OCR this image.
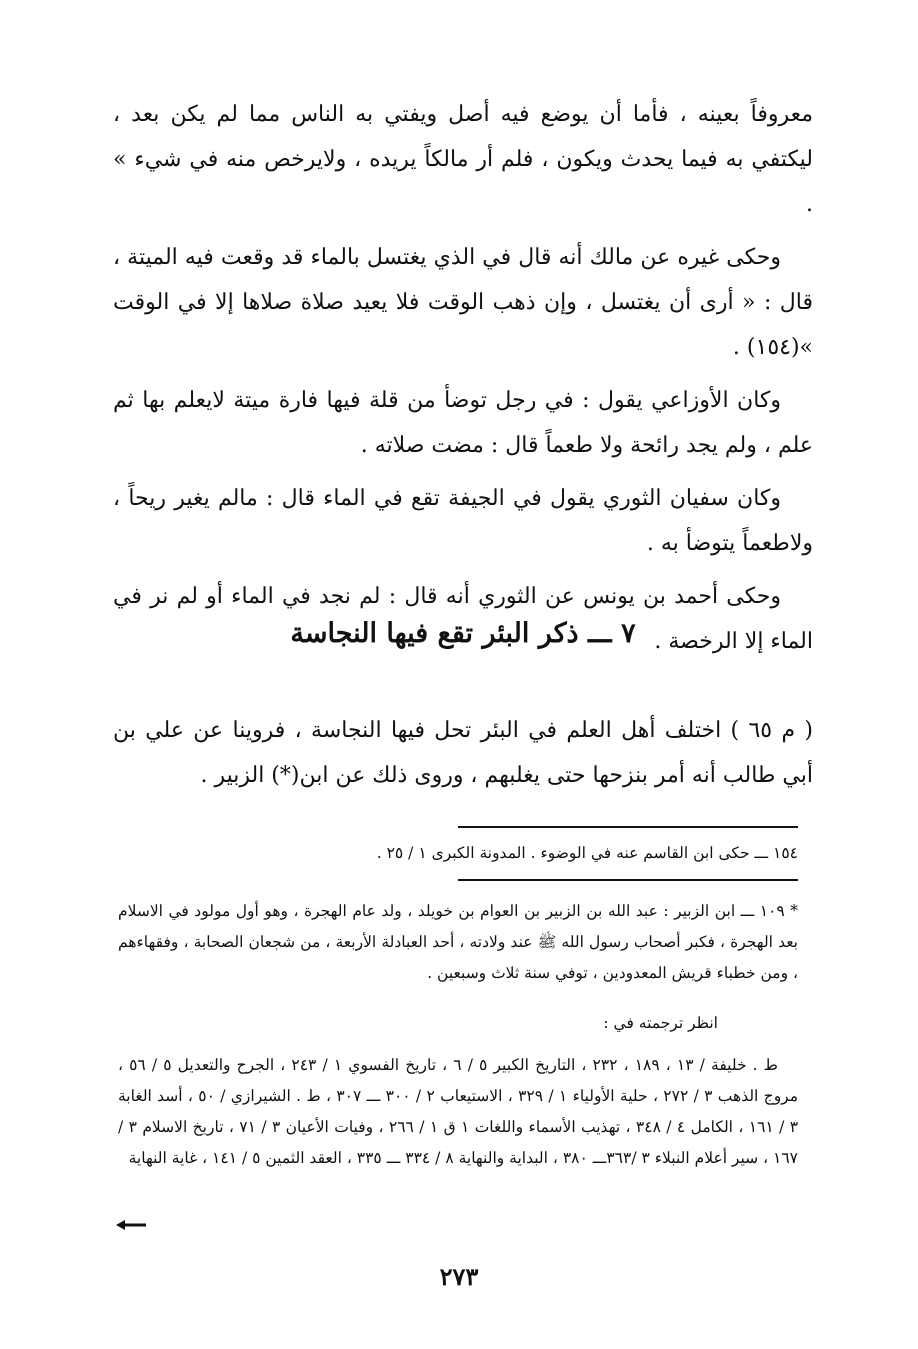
معروفاً بعينه ، فأما أن يوضع فيه أصل ويفتي به الناس مما لم يكن بعد ، ليكتفي به فيما يحدث ويكون ، فلم أر مالكاً يريده ، ولايرخص منه في شيء » .

وحكى غيره عن مالك أنه قال في الذي يغتسل بالماء قد وقعت فيه الميتة ، قال : « أرى أن يغتسل ، وإن ذهب الوقت فلا يعيد صلاة صلاها إلا في الوقت »(١٥٤) .

وكان الأوزاعي يقول : في رجل توضأ من قلة فيها فارة ميتة لايعلم بها ثم علم ، ولم يجد رائحة ولا طعماً قال : مضت صلاته .

وكان سفيان الثوري يقول في الجيفة تقع في الماء قال : مالم يغير ريحاً ، ولاطعماً يتوضأ به .

وحكى أحمد بن يونس عن الثوري أنه قال : لم نجد في الماء أو لم نر في الماء إلا الرخصة .

٧ ـــ ذكر البئر تقع فيها النجاسة

( م ٦٥ ) اختلف أهل العلم في البئر تحل فيها النجاسة ، فروينا عن علي بن أبي طالب أنه أمر بنزحها حتى يغلبهم ، وروى ذلك عن ابن(*) الزبير .

١٥٤ ـــ حكى ابن القاسم عنه في الوضوء . المدونة الكبرى ١ / ٢٥ .

* ١٠٩ ـــ ابن الزبير : عبد الله بن الزبير بن العوام بن خويلد ، ولد عام الهجرة ، وهو أول مولود في الاسلام بعد الهجرة ، فكبر أصحاب رسول الله ﷺ عند ولادته ، أحد العبادلة الأربعة ، من شجعان الصحابة ، وفقهاءهم ، ومن خطباء قريش المعدودين ، توفي سنة ثلاث وسبعين .

انظر ترجمته في :

ط . خليفة / ١٣ ، ١٨٩ ، ٢٣٢ ، التاريخ الكبير ٥ / ٦ ، تاريخ الفسوي ١ / ٢٤٣ ، الجرح والتعديل ٥ / ٥٦ ، مروج الذهب ٣ / ٢٧٢ ، حلية الأولياء ١ / ٣٢٩ ، الاستيعاب ٢ / ٣٠٠ ـــ ٣٠٧ ، ط . الشيرازي / ٥٠ ، أسد الغابة ٣ / ١٦١ ، الكامل ٤ / ٣٤٨ ، تهذيب الأسماء واللغات ١ ق ١ / ٢٦٦ ، وفيات الأعيان ٣ / ٧١ ، تاريخ الاسلام ٣ / ١٦٧ ، سير أعلام النبلاء ٣ /٣٦٣ـــ ٣٨٠ ، البداية والنهاية ٨ / ٣٣٤ ـــ ٣٣٥ ، العقد الثمين ٥ / ١٤١ ، غاية النهاية

٢٧٣
